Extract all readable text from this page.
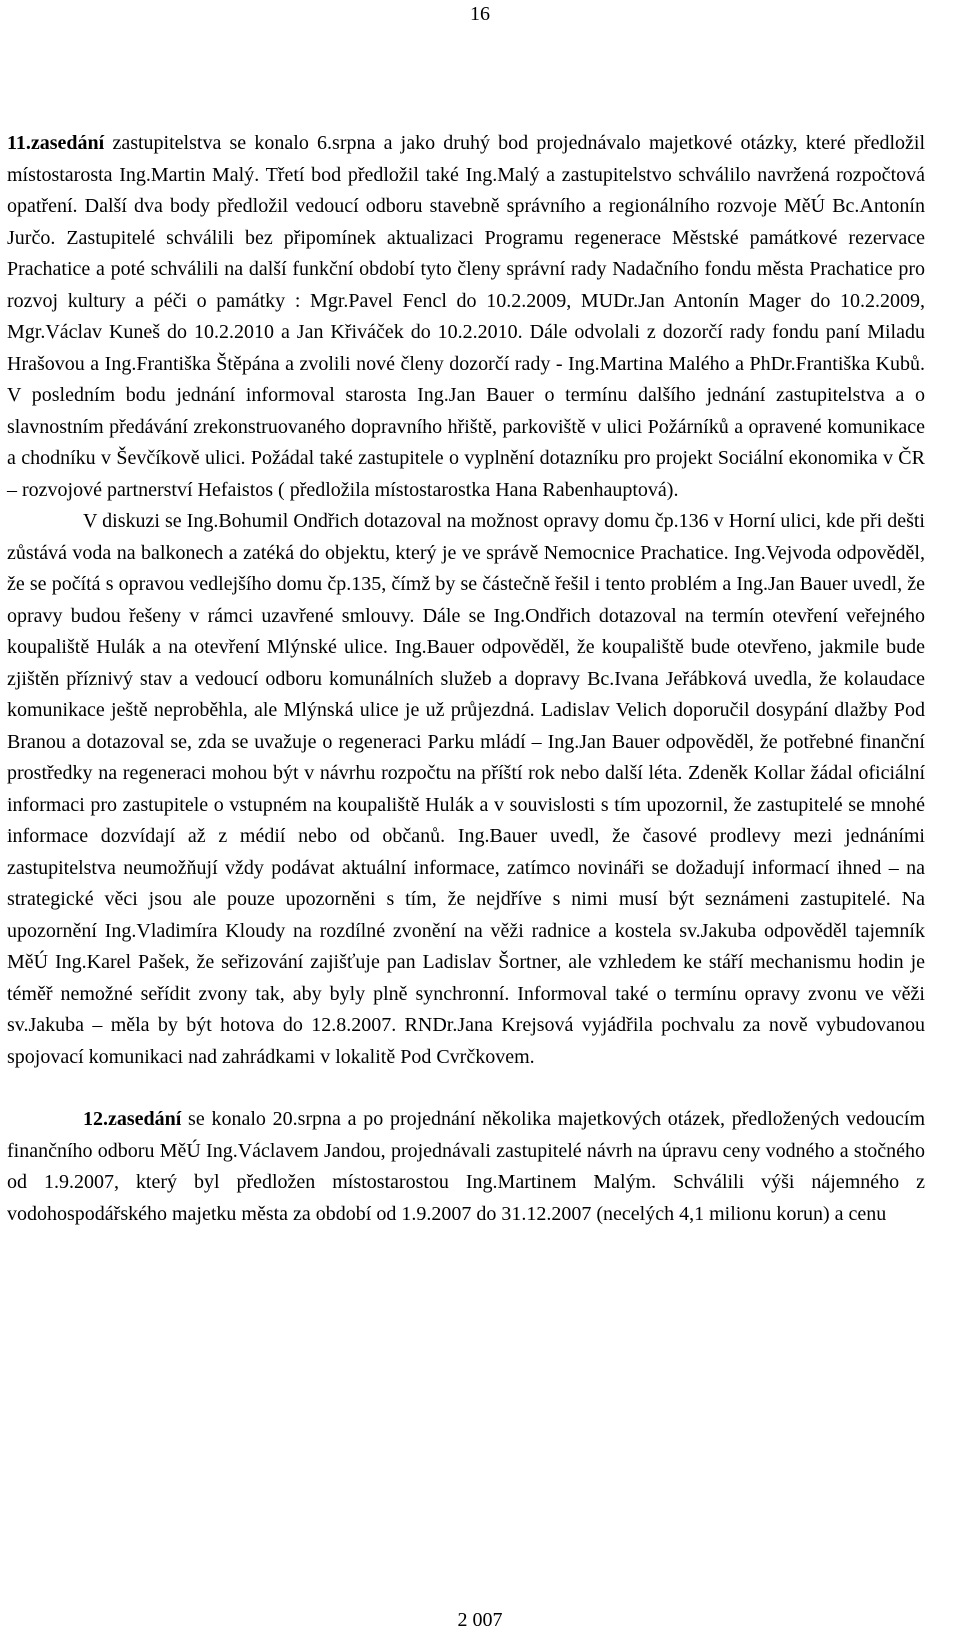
16

11.zasedání zastupitelstva se konalo 6.srpna a jako druhý bod projednávalo majetkové otázky, které předložil místostarosta Ing.Martin Malý. Třetí bod předložil také Ing.Malý a zastupitelstvo schválilo navržená rozpočtová opatření. Další dva body předložil vedoucí odboru stavebně správního a regionálního rozvoje MěÚ Bc.Antonín Jurčo. Zastupitelé schválili bez připomínek aktualizaci Programu regenerace Městské památkové rezervace Prachatice a poté schválili na další funkční období tyto členy správní rady Nadačního fondu města Prachatice pro rozvoj kultury a péči o památky : Mgr.Pavel Fencl do 10.2.2009, MUDr.Jan Antonín Mager do 10.2.2009, Mgr.Václav Kuneš do 10.2.2010 a Jan Křiváček do 10.2.2010. Dále odvolali z dozorčí rady fondu paní Miladu Hrašovou a Ing.Františka Štěpána a zvolili nové členy dozorčí rady - Ing.Martina Malého a PhDr.Františka Kubů. V posledním bodu jednání informoval starosta Ing.Jan Bauer o termínu dalšího jednání zastupitelstva a o slavnostním předávání zrekonstruovaného dopravního hřiště, parkoviště v ulici Požárníků a opravené komunikace a chodníku v Ševčíkově ulici. Požádal také zastupitele o vyplnění dotazníku pro projekt Sociální ekonomika v ČR – rozvojové partnerství Hefaistos ( předložila místostarostka Hana Rabenhauptová).

V diskuzi se Ing.Bohumil Ondřich dotazoval na možnost opravy domu čp.136 v Horní ulici, kde při dešti zůstává voda na balkonech a zatéká do objektu, který je ve správě Nemocnice Prachatice. Ing.Vejvoda odpověděl, že se počítá s opravou vedlejšího domu čp.135, čímž by se částečně řešil i tento problém a Ing.Jan Bauer uvedl, že opravy budou řešeny v rámci uzavřené smlouvy. Dále se Ing.Ondřich dotazoval na termín otevření veřejného koupaliště Hulák a na otevření Mlýnské ulice. Ing.Bauer odpověděl, že koupaliště bude otevřeno, jakmile bude zjištěn příznivý stav a vedoucí odboru komunálních služeb a dopravy Bc.Ivana Jeřábková uvedla, že kolaudace komunikace ještě neproběhla, ale Mlýnská ulice je už průjezdná. Ladislav Velich doporučil dosypání dlažby Pod Branou a dotazoval se, zda se uvažuje o regeneraci Parku mládí – Ing.Jan Bauer odpověděl, že potřebné finanční prostředky na regeneraci mohou být v návrhu rozpočtu na příští rok nebo další léta. Zdeněk Kollar žádal oficiální informaci pro zastupitele o vstupném na koupaliště Hulák a v souvislosti s tím upozornil, že zastupitelé se mnohé informace dozvídají až z médií nebo od občanů. Ing.Bauer uvedl, že časové prodlevy mezi jednáními zastupitelstva neumožňují vždy podávat aktuální informace, zatímco novináři se dožadují informací ihned – na strategické věci jsou ale pouze upozorněni s tím, že nejdříve s nimi musí být seznámeni zastupitelé. Na upozornění Ing.Vladimíra Kloudy na rozdílné zvonění na věži radnice a kostela sv.Jakuba odpověděl tajemník MěÚ Ing.Karel Pašek, že seřizování zajišťuje pan Ladislav Šortner, ale vzhledem ke stáří mechanismu hodin je téměř nemožné seřídit zvony tak, aby byly plně synchronní. Informoval také o termínu opravy zvonu ve věži sv.Jakuba – měla by být hotova do 12.8.2007. RNDr.Jana Krejsová vyjádřila pochvalu za nově vybudovanou spojovací komunikaci nad zahrádkami v lokalitě Pod Cvrčkovem.

12.zasedání se konalo 20.srpna a po projednání několika majetkových otázek, předložených vedoucím finančního odboru MěÚ Ing.Václavem Jandou, projednávali zastupitelé návrh na úpravu ceny vodného a stočného od 1.9.2007, který byl předložen místostarostou Ing.Martinem Malým. Schválili výši nájemného z vodohospodářského majetku města za období od 1.9.2007 do 31.12.2007 (necelých 4,1 milionu korun) a cenu

2 007
